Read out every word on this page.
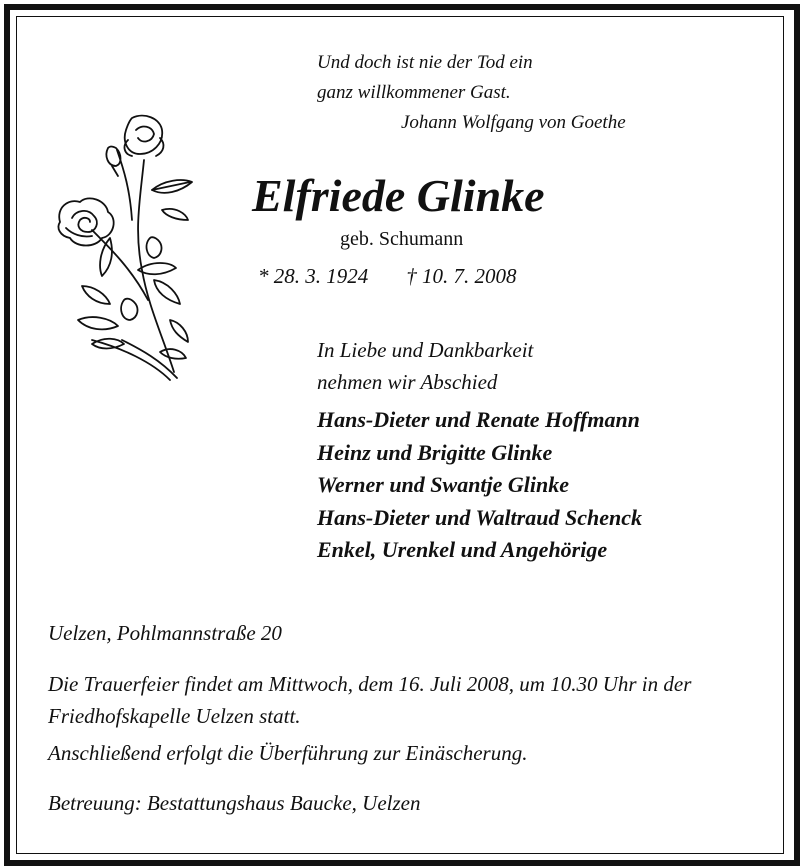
Und doch ist nie der Tod ein
ganz willkommener Gast.
Johann Wolfgang von Goethe
Elfriede Glinke
geb. Schumann
* 28. 3. 1924 † 10. 7. 2008
In Liebe und Dankbarkeit
nehmen wir Abschied
Hans-Dieter und Renate Hoffmann
Heinz und Brigitte Glinke
Werner und Swantje Glinke
Hans-Dieter und Waltraud Schenck
Enkel, Urenkel und Angehörige
Uelzen, Pohlmannstraße 20
Die Trauerfeier findet am Mittwoch, dem 16. Juli 2008, um 10.30 Uhr in der Friedhofskapelle Uelzen statt.
Anschließend erfolgt die Überführung zur Einäscherung.
Betreuung: Bestattungshaus Baucke, Uelzen
